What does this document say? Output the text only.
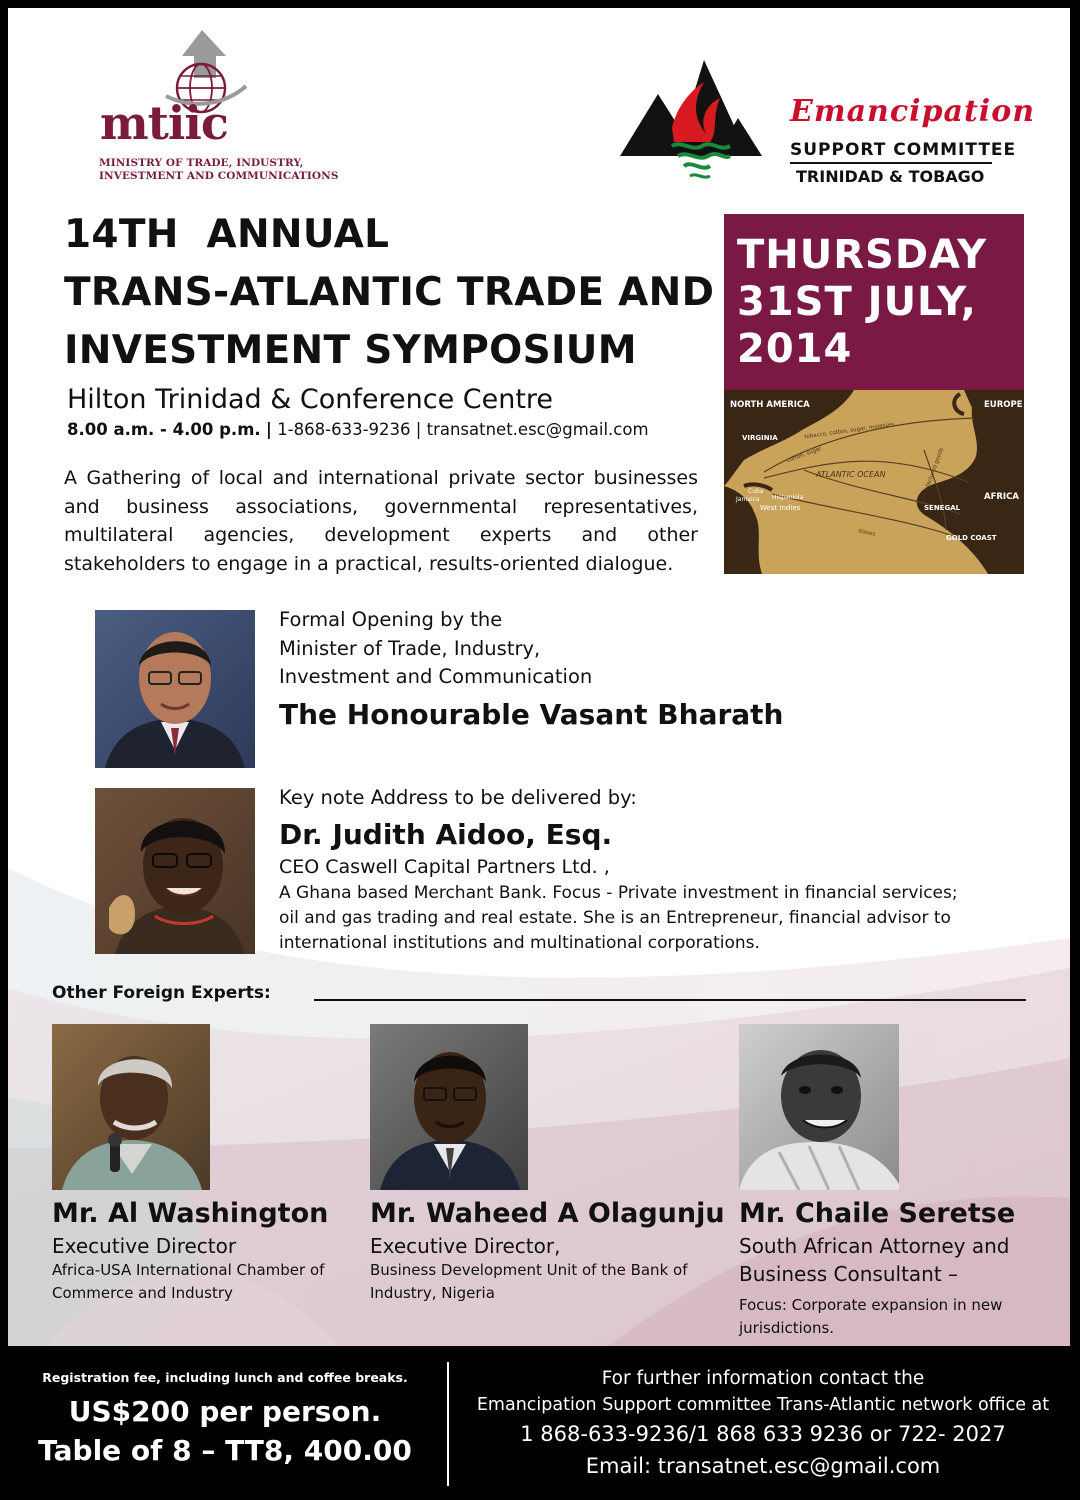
mtiic
MINISTRY OF TRADE, INDUSTRY,
INVESTMENT AND COMMUNICATIONS
Emancipation
SUPPORT COMMITTEE
TRINIDAD & TOBAGO
14TH  ANNUAL
TRANS-ATLANTIC TRADE AND
INVESTMENT SYMPOSIUM
Hilton Trinidad & Conference Centre
8.00 a.m. - 4.00 p.m. | 1-868-633-9236 | transatnet.esc@gmail.com
A Gathering of local and international private sector businesses and business associations, governmental representatives, multilateral agencies, development experts and other stakeholders to engage in a practical, results-oriented dialogue.
THURSDAY
31ST JULY,
2014
NORTH AMERICA	EUROPE
VIRGINIA
ATLANTIC OCEAN
AFRICA
SENEGAL
GOLD COAST
West Indies
Cuba
Jamaica Hispaniola
tobacco, cotton, sugar, molasses
cotton, sugar	manufactured goods
slaves
Formal Opening by the
Minister of Trade, Industry,
Investment and Communication
The Honourable Vasant Bharath
Key note Address to be delivered by:
Dr. Judith Aidoo, Esq.
CEO Caswell Capital Partners Ltd. ,
A Ghana based Merchant Bank. Focus - Private investment in financial services;
oil and gas trading and real estate. She is an Entrepreneur, financial advisor to
international institutions and multinational corporations.
Other Foreign Experts:
Mr. Al Washington
Executive Director
Africa-USA International Chamber of
Commerce and Industry
Mr. Waheed A Olagunju
Executive Director,
Business Development Unit of the Bank of
Industry, Nigeria
Mr. Chaile Seretse
South African Attorney and
Business Consultant –
Focus: Corporate expansion in new
jurisdictions.
Registration fee, including lunch and coffee breaks.
US$200 per person.
Table of 8 – TT8, 400.00
For further information contact the
Emancipation Support committee Trans-Atlantic network office at
1 868-633-9236/1 868 633 9236 or 722- 2027
Email: transatnet.esc@gmail.com
